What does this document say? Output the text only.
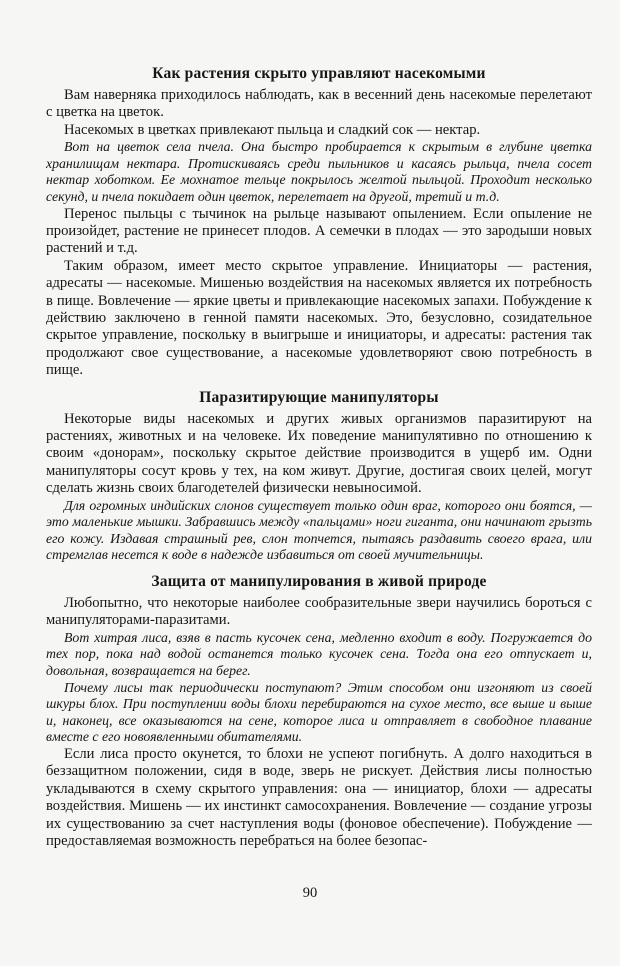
Как растения скрыто управляют насекомыми

Вам наверняка приходилось наблюдать, как в весенний день насекомые перелетают с цветка на цветок.

Насекомых в цветках привлекают пыльца и сладкий сок — нектар.

Вот на цветок села пчела. Она быстро пробирается к скрытым в глубине цветка хранилищам нектара. Протискиваясь среди пыльников и касаясь рыльца, пчела сосет нектар хоботком. Ее мохнатое тельце покрылось желтой пыльцой. Проходит несколько секунд, и пчела покидает один цветок, перелетает на другой, третий и т.д.

Перенос пыльцы с тычинок на рыльце называют опылением. Если опыление не произойдет, растение не принесет плодов. А семечки в плодах — это зародыши новых растений и т.д.

Таким образом, имеет место скрытое управление. Инициаторы — растения, адресаты — насекомые. Мишенью воздействия на насекомых является их потребность в пище. Вовлечение — яркие цветы и привлекающие насекомых запахи. Побуждение к действию заключено в генной памяти насекомых. Это, безусловно, созидательное скрытое управление, поскольку в выигрыше и инициаторы, и адресаты: растения так продолжают свое существование, а насекомые удовлетворяют свою потребность в пище.

Паразитирующие манипуляторы

Некоторые виды насекомых и других живых организмов паразитируют на растениях, животных и на человеке. Их поведение манипулятивно по отношению к своим «донорам», поскольку скрытое действие производится в ущерб им. Одни манипуляторы сосут кровь у тех, на ком живут. Другие, достигая своих целей, могут сделать жизнь своих благодетелей физически невыносимой.

Для огромных индийских слонов существует только один враг, которого они боятся, — это маленькие мышки. Забравшись между «пальцами» ноги гиганта, они начинают грызть его кожу. Издавая страшный рев, слон топчется, пытаясь раздавить своего врага, или стремглав несется к воде в надежде избавиться от своей мучительницы.

Защита от манипулирования в живой природе

Любопытно, что некоторые наиболее сообразительные звери научились бороться с манипуляторами-паразитами.

Вот хитрая лиса, взяв в пасть кусочек сена, медленно входит в воду. Погружается до тех пор, пока над водой останется только кусочек сена. Тогда она его отпускает и, довольная, возвращается на берег.

Почему лисы так периодически поступают? Этим способом они изгоняют из своей шкуры блох. При поступлении воды блохи перебираются на сухое место, все выше и выше и, наконец, все оказываются на сене, которое лиса и отправляет в свободное плавание вместе с его новоявленными обитателями.

Если лиса просто окунется, то блохи не успеют погибнуть. А долго находиться в беззащитном положении, сидя в воде, зверь не рискует. Действия лисы полностью укладываются в схему скрытого управления: она — инициатор, блохи — адресаты воздействия. Мишень — их инстинкт самосохранения. Вовлечение — создание угрозы их существованию за счет наступления воды (фоновое обеспечение). Побуждение — предоставляемая возможность перебраться на более безопас-

90
